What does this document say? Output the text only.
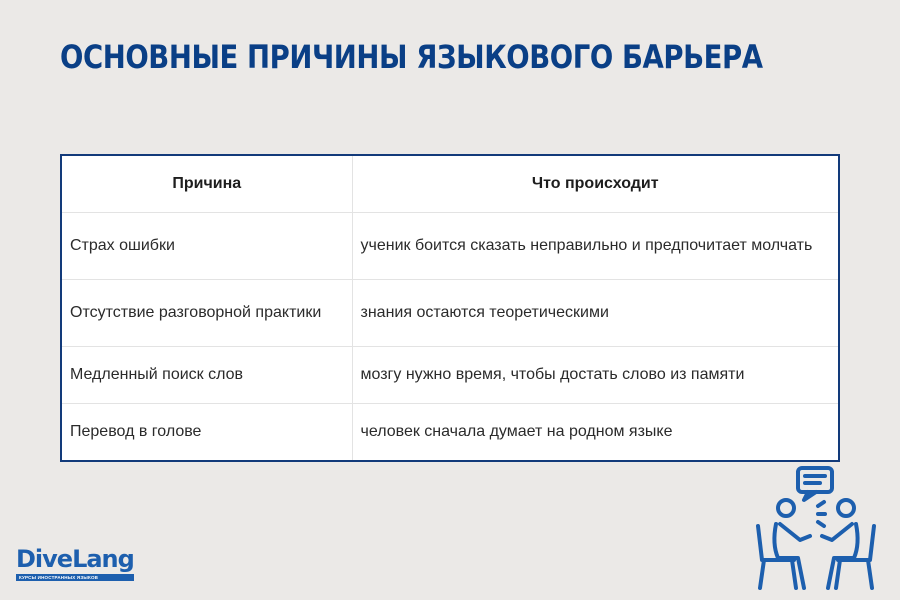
ОСНОВНЫЕ ПРИЧИНЫ ЯЗЫКОВОГО БАРЬЕРА
Причина	Что происходит
Страх ошибки	ученик боится сказать неправильно и предпочитает молчать
Отсутствие разговорной практики	знания остаются теоретическими
Медленный поиск слов	мозгу нужно время, чтобы достать слово из памяти
Перевод в голове	человек сначала думает на родном языке
DiveLang
КУРСЫ ИНОСТРАННЫХ ЯЗЫКОВ
